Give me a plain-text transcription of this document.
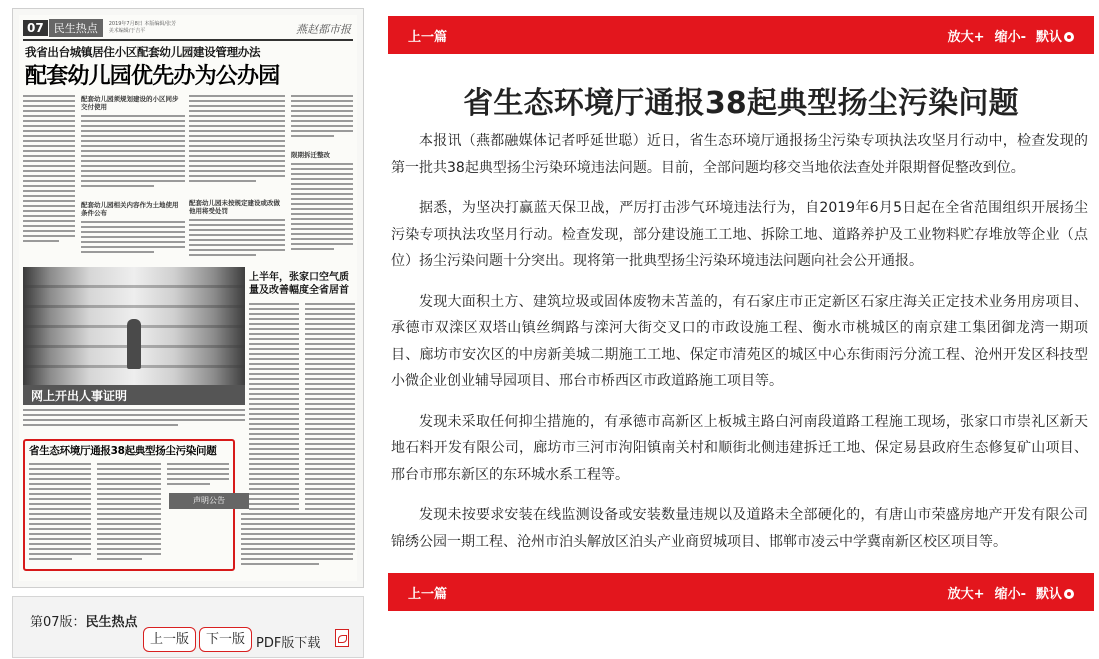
07 民生热点	2019年7月8日 本版编辑/张芳 美术编辑/于吉平	燕赵都市报
我省出台城镇居住小区配套幼儿园建设管理办法
配套幼儿园优先办为公办园
配套幼儿园须规划建设的小区同步交付使用
配套幼儿园相关内容作为土地使用条件公布
配套幼儿园未按规定建设或改做他用将受处罚
限期拆迁整改
网上开出人事证明
上半年，张家口空气质量及改善幅度全省居首
省生态环境厅通报38起典型扬尘污染问题
声明公告
第07版：民生热点
上一版	下一版 PDF版下载
上一篇	放大+ 缩小- 默认
省生态环境厅通报38起典型扬尘污染问题

本报讯（燕都融媒体记者呼延世聪）近日，省生态环境厅通报扬尘污染专项执法攻坚月行动中，检查发现的第一批共38起典型扬尘污染环境违法问题。目前，全部问题均移交当地依法查处并限期督促整改到位。

据悉，为坚决打赢蓝天保卫战，严厉打击涉气环境违法行为，自2019年6月5日起在全省范围组织开展扬尘污染专项执法攻坚月行动。检查发现，部分建设施工工地、拆除工地、道路养护及工业物料贮存堆放等企业（点位）扬尘污染问题十分突出。现将第一批典型扬尘污染环境违法问题向社会公开通报。

发现大面积土方、建筑垃圾或固体废物未苫盖的，有石家庄市正定新区石家庄海关正定技术业务用房项目、承德市双滦区双塔山镇丝绸路与滦河大街交叉口的市政设施工程、衡水市桃城区的南京建工集团御龙湾一期项目、廊坊市安次区的中房新美城二期施工工地、保定市清苑区的城区中心东街雨污分流工程、沧州开发区科技型小微企业创业辅导园项目、邢台市桥西区市政道路施工项目等。

发现未采取任何抑尘措施的，有承德市高新区上板城主路白河南段道路工程施工现场，张家口市崇礼区新天地石料开发有限公司，廊坊市三河市泃阳镇南关村和顺街北侧违建拆迁工地、保定易县政府生态修复矿山项目、邢台市邢东新区的东环城水系工程等。

发现未按要求安装在线监测设备或安装数量违规以及道路未全部硬化的，有唐山市荣盛房地产开发有限公司锦绣公园一期工程、沧州市泊头解放区泊头产业商贸城项目、邯郸市凌云中学冀南新区校区项目等。

上一篇	放大+ 缩小- 默认
